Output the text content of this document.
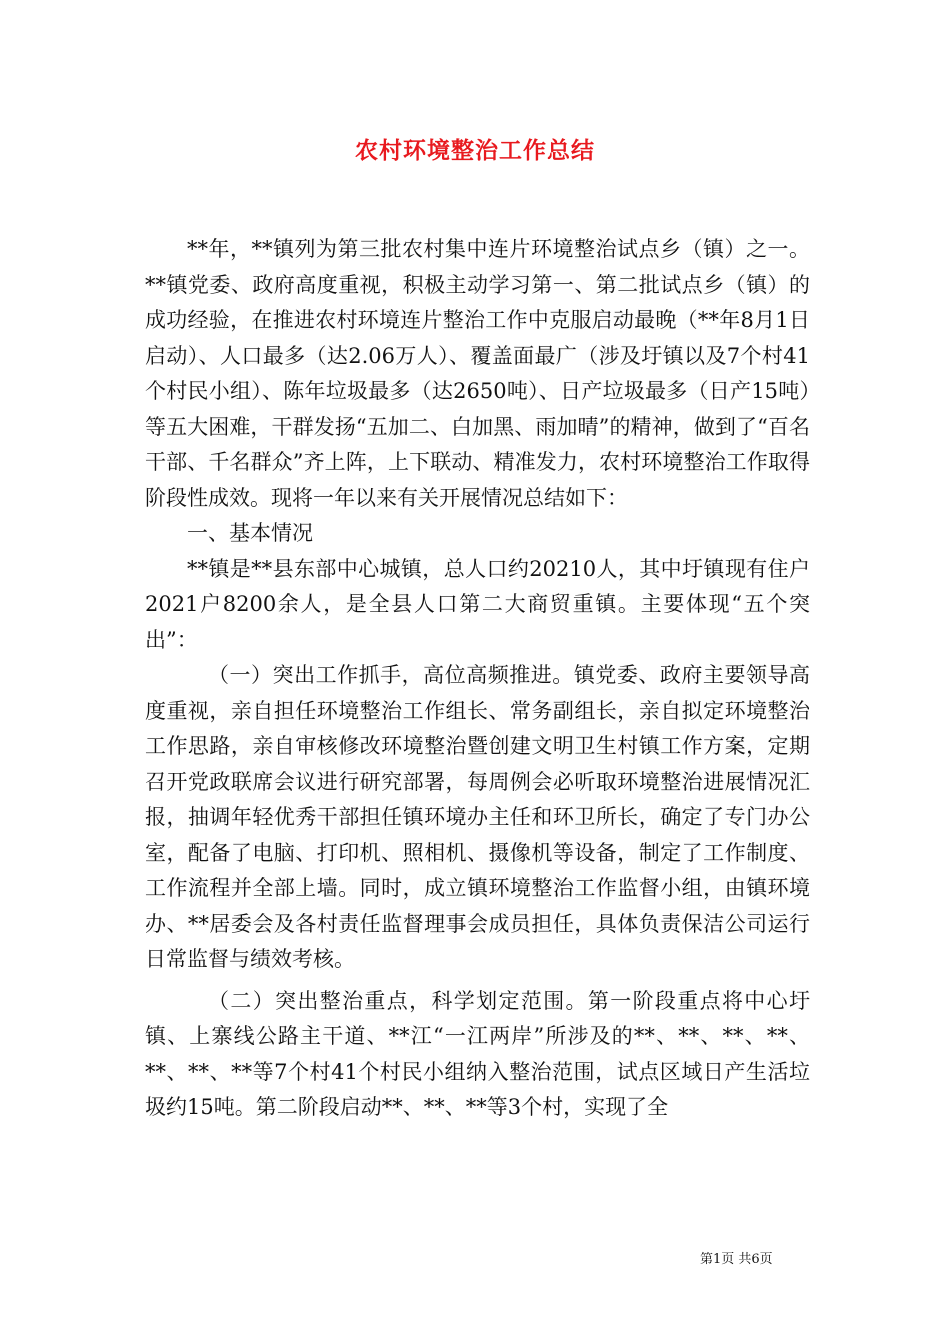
农村环境整治工作总结

**年，**镇列为第三批农村集中连片环境整治试点乡（镇）之一。**镇党委、政府高度重视，积极主动学习第一、第二批试点乡（镇）的成功经验，在推进农村环境连片整治工作中克服启动最晚（**年8月1日启动）、人口最多（达2.06万人）、覆盖面最广（涉及圩镇以及7个村41个村民小组）、陈年垃圾最多（达2650吨）、日产垃圾最多（日产15吨）等五大困难，干群发扬“五加二、白加黑、雨加晴”的精神，做到了“百名干部、千名群众”齐上阵，上下联动、精准发力，农村环境整治工作取得阶段性成效。现将一年以来有关开展情况总结如下：

一、基本情况

**镇是**县东部中心城镇，总人口约20210人，其中圩镇现有住户2021户8200余人，是全县人口第二大商贸重镇。主要体现“五个突出”：

（一）突出工作抓手，高位高频推进。镇党委、政府主要领导高度重视，亲自担任环境整治工作组长、常务副组长，亲自拟定环境整治工作思路，亲自审核修改环境整治暨创建文明卫生村镇工作方案，定期召开党政联席会议进行研究部署，每周例会必听取环境整治进展情况汇报，抽调年轻优秀干部担任镇环境办主任和环卫所长，确定了专门办公室，配备了电脑、打印机、照相机、摄像机等设备，制定了工作制度、工作流程并全部上墙。同时，成立镇环境整治工作监督小组，由镇环境办、**居委会及各村责任监督理事会成员担任，具体负责保洁公司运行日常监督与绩效考核。

（二）突出整治重点，科学划定范围。第一阶段重点将中心圩镇、上寨线公路主干道、**江“一江两岸”所涉及的**、**、**、**、**、**、**等7个村41个村民小组纳入整治范围，试点区域日产生活垃圾约15吨。第二阶段启动**、**、**等3个村，实现了全

第1页 共6页
